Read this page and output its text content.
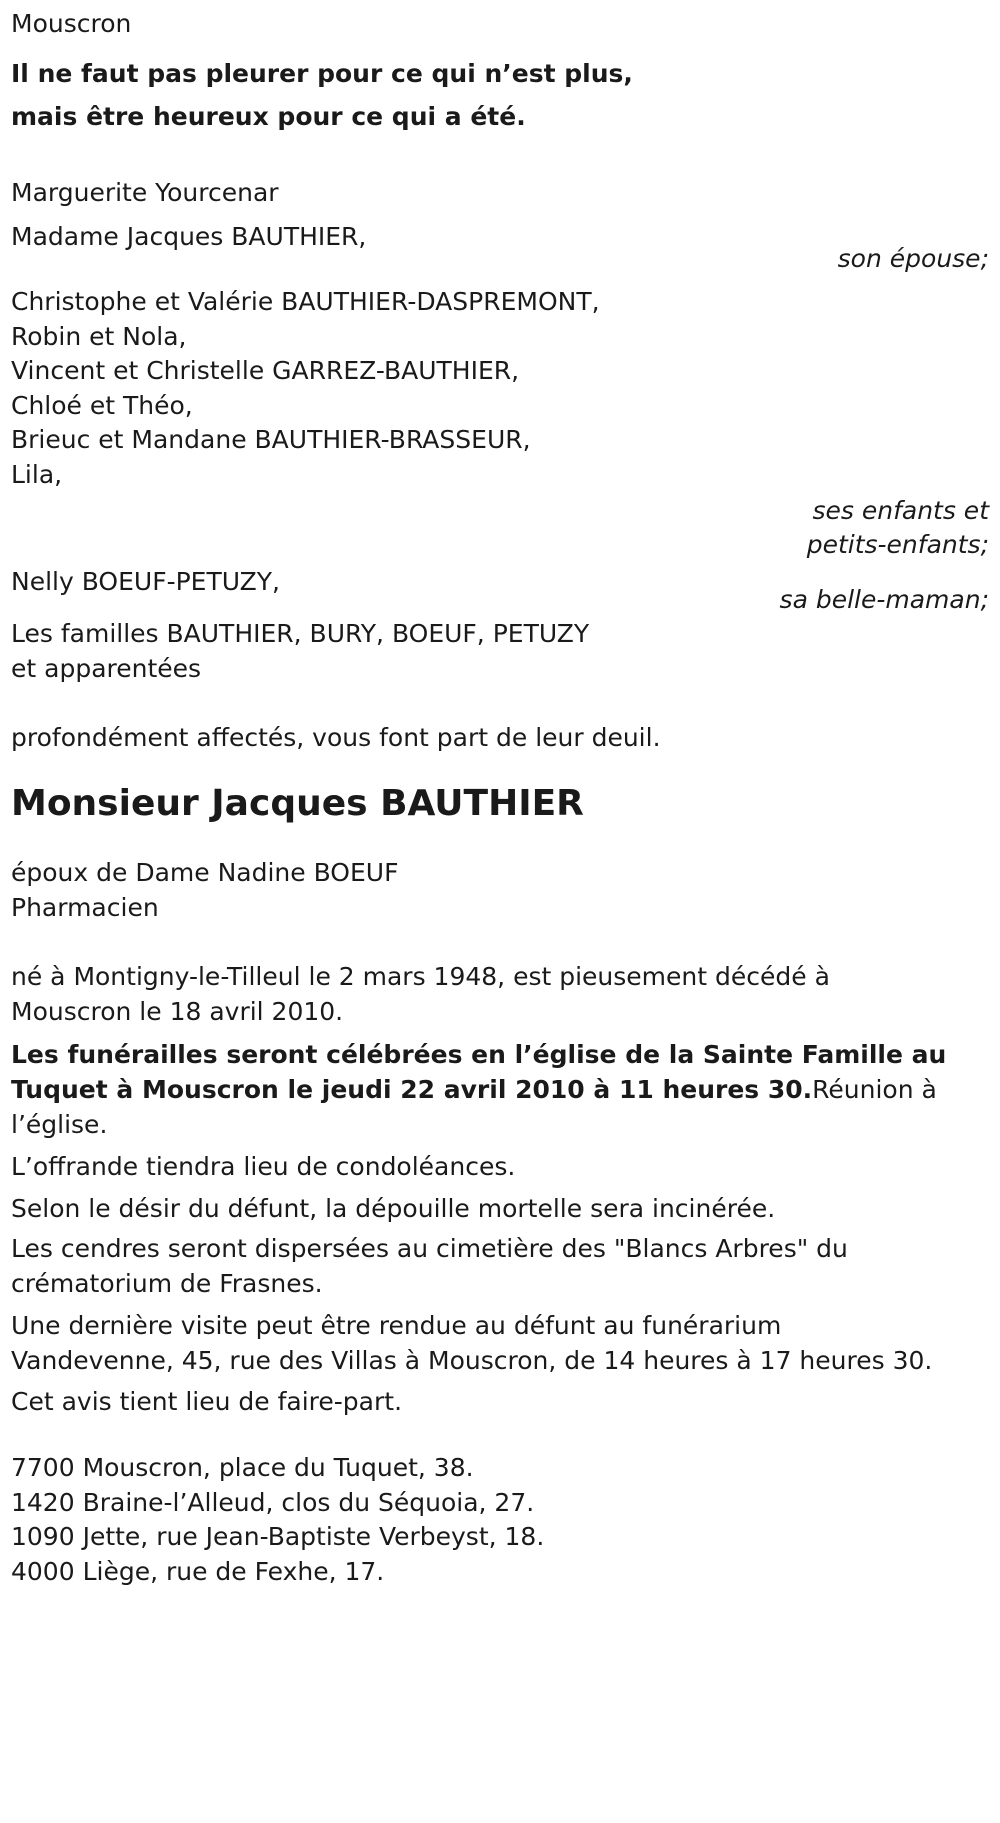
Mouscron

Il ne faut pas pleurer pour ce qui n’est plus,

mais être heureux pour ce qui a été.

Marguerite Yourcenar

Madame Jacques BAUTHIER,

son épouse;

Christophe et Valérie BAUTHIER-DASPREMONT,

Robin et Nola,

Vincent et Christelle GARREZ-BAUTHIER,

Chloé et Théo,

Brieuc et Mandane BAUTHIER-BRASSEUR,

Lila,

ses enfants et
petits-enfants;

Nelly BOEUF-PETUZY,

sa belle-maman;

Les familles BAUTHIER, BURY, BOEUF, PETUZY

et apparentées

profondément affectés, vous font part de leur deuil.

Monsieur Jacques BAUTHIER

époux de Dame Nadine BOEUF

Pharmacien

né à Montigny-le-Tilleul le 2 mars 1948, est pieusement décédé à

Mouscron le 18 avril 2010.

Les funérailles seront célébrées en l’église de la Sainte Famille au

Tuquet à Mouscron le jeudi 22 avril 2010 à 11 heures 30.Réunion à

l’église.

L’offrande tiendra lieu de condoléances.

Selon le désir du défunt, la dépouille mortelle sera incinérée.

Les cendres seront dispersées au cimetière des "Blancs Arbres" du

crématorium de Frasnes.

Une dernière visite peut être rendue au défunt au funérarium

Vandevenne, 45, rue des Villas à Mouscron, de 14 heures à 17 heures 30.

Cet avis tient lieu de faire-part.

7700 Mouscron, place du Tuquet, 38.

1420 Braine-l’Alleud, clos du Séquoia, 27.

1090 Jette, rue Jean-Baptiste Verbeyst, 18.

4000 Liège, rue de Fexhe, 17.
